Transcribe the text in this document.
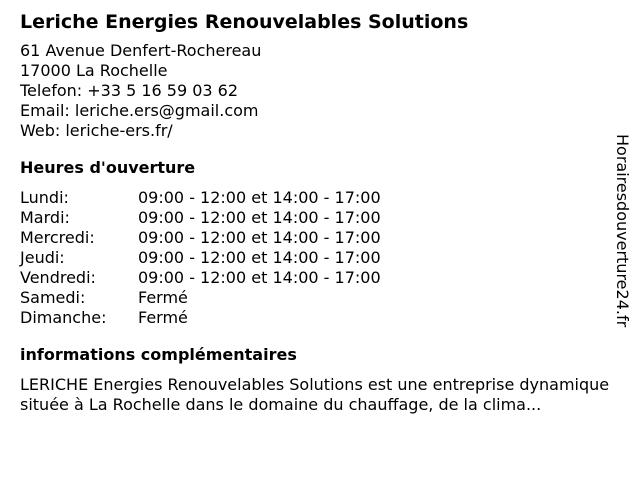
Leriche Energies Renouvelables Solutions
61 Avenue Denfert-Rochereau
17000 La Rochelle
Telefon: +33 5 16 59 03 62
Email: leriche.ers@gmail.com
Web: leriche-ers.fr/
Heures d'ouverture
Lundi:	09:00 - 12:00 et 14:00 - 17:00
Mardi:	09:00 - 12:00 et 14:00 - 17:00
Mercredi:	09:00 - 12:00 et 14:00 - 17:00
Jeudi:	09:00 - 12:00 et 14:00 - 17:00
Vendredi:	09:00 - 12:00 et 14:00 - 17:00
Samedi:	Fermé
Dimanche:	Fermé
informations complémentaires
LERICHE Energies Renouvelables Solutions est une entreprise dynamique située à La Rochelle dans le domaine du chauffage, de la clima...
Horairesdouverture24.fr
